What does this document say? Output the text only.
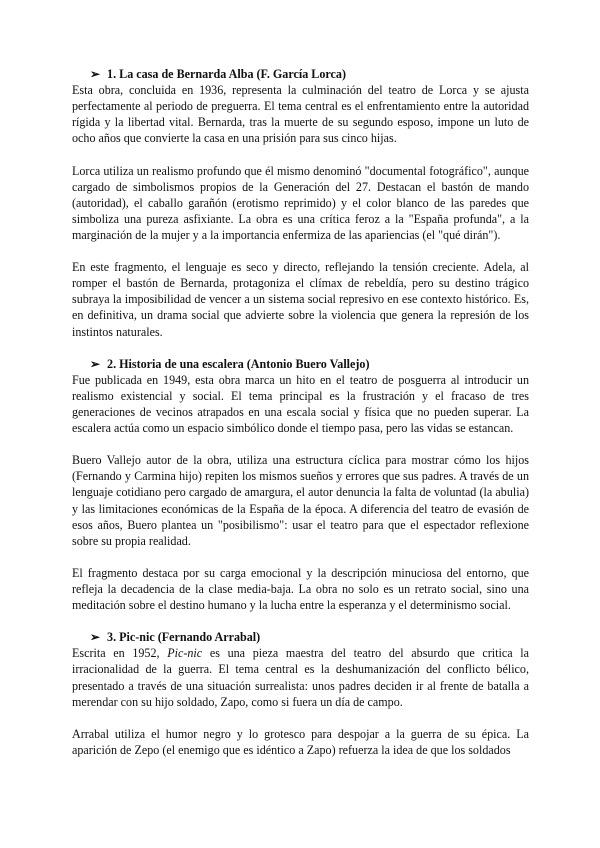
➢ 1. La casa de Bernarda Alba (F. García Lorca)

Esta obra, concluida en 1936, representa la culminación del teatro de Lorca y se ajusta perfectamente al periodo de preguerra. El tema central es el enfrentamiento entre la autoridad rígida y la libertad vital. Bernarda, tras la muerte de su segundo esposo, impone un luto de ocho años que convierte la casa en una prisión para sus cinco hijas.

Lorca utiliza un realismo profundo que él mismo denominó "documental fotográfico", aunque cargado de simbolismos propios de la Generación del 27. Destacan el bastón de mando (autoridad), el caballo garañón (erotismo reprimido) y el color blanco de las paredes que simboliza una pureza asfixiante. La obra es una crítica feroz a la "España profunda", a la marginación de la mujer y a la importancia enfermiza de las apariencias (el "qué dirán").

En este fragmento, el lenguaje es seco y directo, reflejando la tensión creciente. Adela, al romper el bastón de Bernarda, protagoniza el clímax de rebeldía, pero su destino trágico subraya la imposibilidad de vencer a un sistema social represivo en ese contexto histórico. Es, en definitiva, un drama social que advierte sobre la violencia que genera la represión de los instintos naturales.

➢ 2. Historia de una escalera (Antonio Buero Vallejo)

Fue publicada en 1949, esta obra marca un hito en el teatro de posguerra al introducir un realismo existencial y social. El tema principal es la frustración y el fracaso de tres generaciones de vecinos atrapados en una escala social y física que no pueden superar. La escalera actúa como un espacio simbólico donde el tiempo pasa, pero las vidas se estancan.

Buero Vallejo autor de la obra, utiliza una estructura cíclica para mostrar cómo los hijos (Fernando y Carmina hijo) repiten los mismos sueños y errores que sus padres. A través de un lenguaje cotidiano pero cargado de amargura, el autor denuncia la falta de voluntad (la abulia) y las limitaciones económicas de la España de la época. A diferencia del teatro de evasión de esos años, Buero plantea un "posibilismo": usar el teatro para que el espectador reflexione sobre su propia realidad.

El fragmento destaca por su carga emocional y la descripción minuciosa del entorno, que refleja la decadencia de la clase media-baja. La obra no solo es un retrato social, sino una meditación sobre el destino humano y la lucha entre la esperanza y el determinismo social.

➢ 3. Pic-nic (Fernando Arrabal)

Escrita en 1952, Pic-nic es una pieza maestra del teatro del absurdo que critica la irracionalidad de la guerra. El tema central es la deshumanización del conflicto bélico, presentado a través de una situación surrealista: unos padres deciden ir al frente de batalla a merendar con su hijo soldado, Zapo, como si fuera un día de campo.

Arrabal utiliza el humor negro y lo grotesco para despojar a la guerra de su épica. La aparición de Zepo (el enemigo que es idéntico a Zapo) refuerza la idea de que los soldados
